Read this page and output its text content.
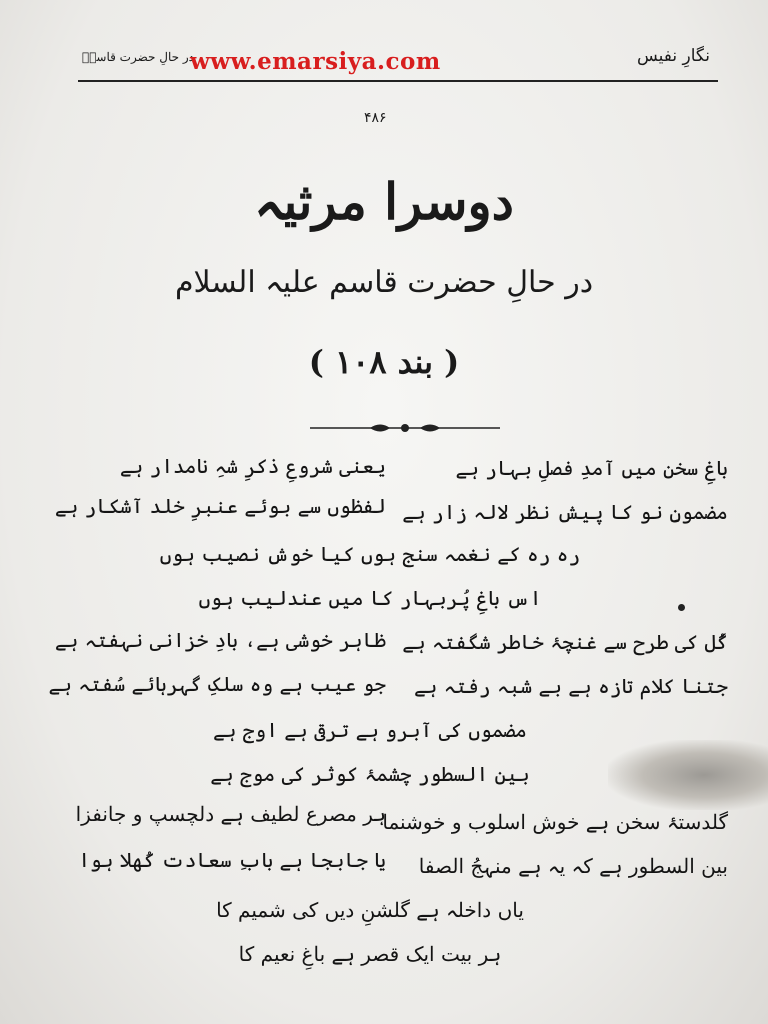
نگارِ نفیس
در حالِ حضرت قاسمؑ
www.emarsiya.com
۴۸۶
دوسرا مرثیہ
در حالِ حضرت قاسم علیہ السلام
( بند ۱۰۸ )
باغِ سخن میں آمدِ فصلِ بہار ہے
یعنی شروعِ ذکرِ شہِ نامدار ہے
مضمونِ نو کا پیش نظر لالہ زار ہے
لفظوں سے بوئے عنبرِ خلد آشکار ہے
رہ رہ کے نغمہ سنج ہوں کیا خوش نصیب ہوں
اس باغِ پُربہار کا میں عندلیب ہوں
گُل کی طرح سے غنچۂ خاطر شگفتہ ہے
ظاہر خوشی ہے، بادِ خزانی نہفتہ ہے
جتنا کلام تازہ ہے بے شبہ رفتہ ہے
جو عیب ہے وہ سلکِ گہرہائے سُفتہ ہے
مضموں کی آبرو ہے ترقی ہے اوج ہے
بین السطور چشمۂ کوثر کی موج ہے
گلدستۂ سخن ہے خوش اسلوب و خوشنما
ہر مصرع لطیف ہے دلچسپ و جانفزا
بین السطور ہے کہ یہ ہے منہجُ الصفا
یا جابجا ہے بابِ سعادت کُھلا ہوا
یاں داخلہ ہے گلشنِ دیں کی شمیم کا
ہر بیت ایک قصر ہے باغِ نعیم کا
